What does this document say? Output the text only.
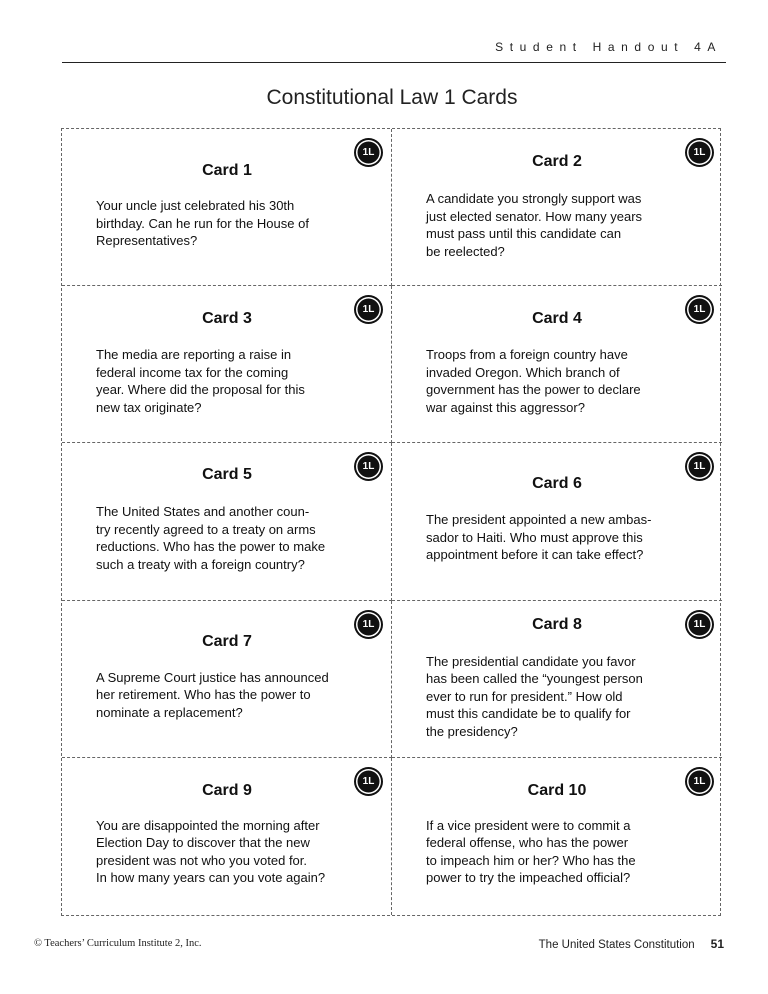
Student Handout 4A
Constitutional Law 1 Cards
1L
Card 1
Your uncle just celebrated his 30th
birthday. Can he run for the House of
Representatives?
1L
Card 2
A candidate you strongly support was
just elected senator. How many years
must pass until this candidate can
be reelected?
1L
Card 3
The media are reporting a raise in
federal income tax for the coming
year. Where did the proposal for this
new tax originate?
1L
Card 4
Troops from a foreign country have
invaded Oregon. Which branch of
government has the power to declare
war against this aggressor?
1L
Card 5
The United States and another coun-
try recently agreed to a treaty on arms
reductions. Who has the power to make
such a treaty with a foreign country?
1L
Card 6
The president appointed a new ambas-
sador to Haiti. Who must approve this
appointment before it can take effect?
1L
Card 7
A Supreme Court justice has announced
her retirement. Who has the power to
nominate a replacement?
1L
Card 8
The presidential candidate you favor
has been called the “youngest person
ever to run for president.” How old
must this candidate be to qualify for
the presidency?
1L
Card 9
You are disappointed the morning after
Election Day to discover that the new
president was not who you voted for.
In how many years can you vote again?
1L
Card 10
If a vice president were to commit a
federal offense, who has the power
to impeach him or her? Who has the
power to try the impeached official?
© Teachers’ Curriculum Institute 2, Inc.	The United States Constitution 51
